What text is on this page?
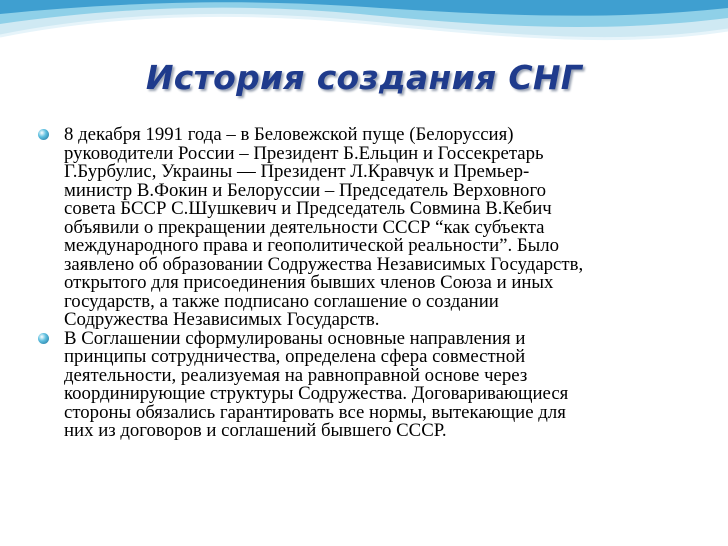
История создания СНГ
8 декабря 1991 года – в Беловежской пуще (Белоруссия)
руководители России – Президент Б.Ельцин и Госсекретарь
Г.Бурбулис, Украины — Президент Л.Кравчук и Премьер-
министр В.Фокин и Белоруссии – Председатель Верховного
совета БССР С.Шушкевич и Председатель Совмина В.Кебич
объявили о прекращении деятельности СССР “как субъекта
международного права и геополитической реальности”. Было
заявлено об образовании Содружества Независимых Государств,
открытого для присоединения бывших членов Союза и иных
государств, а также подписано соглашение о создании
Содружества Независимых Государств.
В Соглашении сформулированы основные направления и
принципы сотрудничества, определена сфера совместной
деятельности, реализуемая на равноправной основе через
координирующие структуры Содружества. Договаривающиеся
стороны обязались гарантировать все нормы, вытекающие для
них из договоров и соглашений бывшего СССР.
